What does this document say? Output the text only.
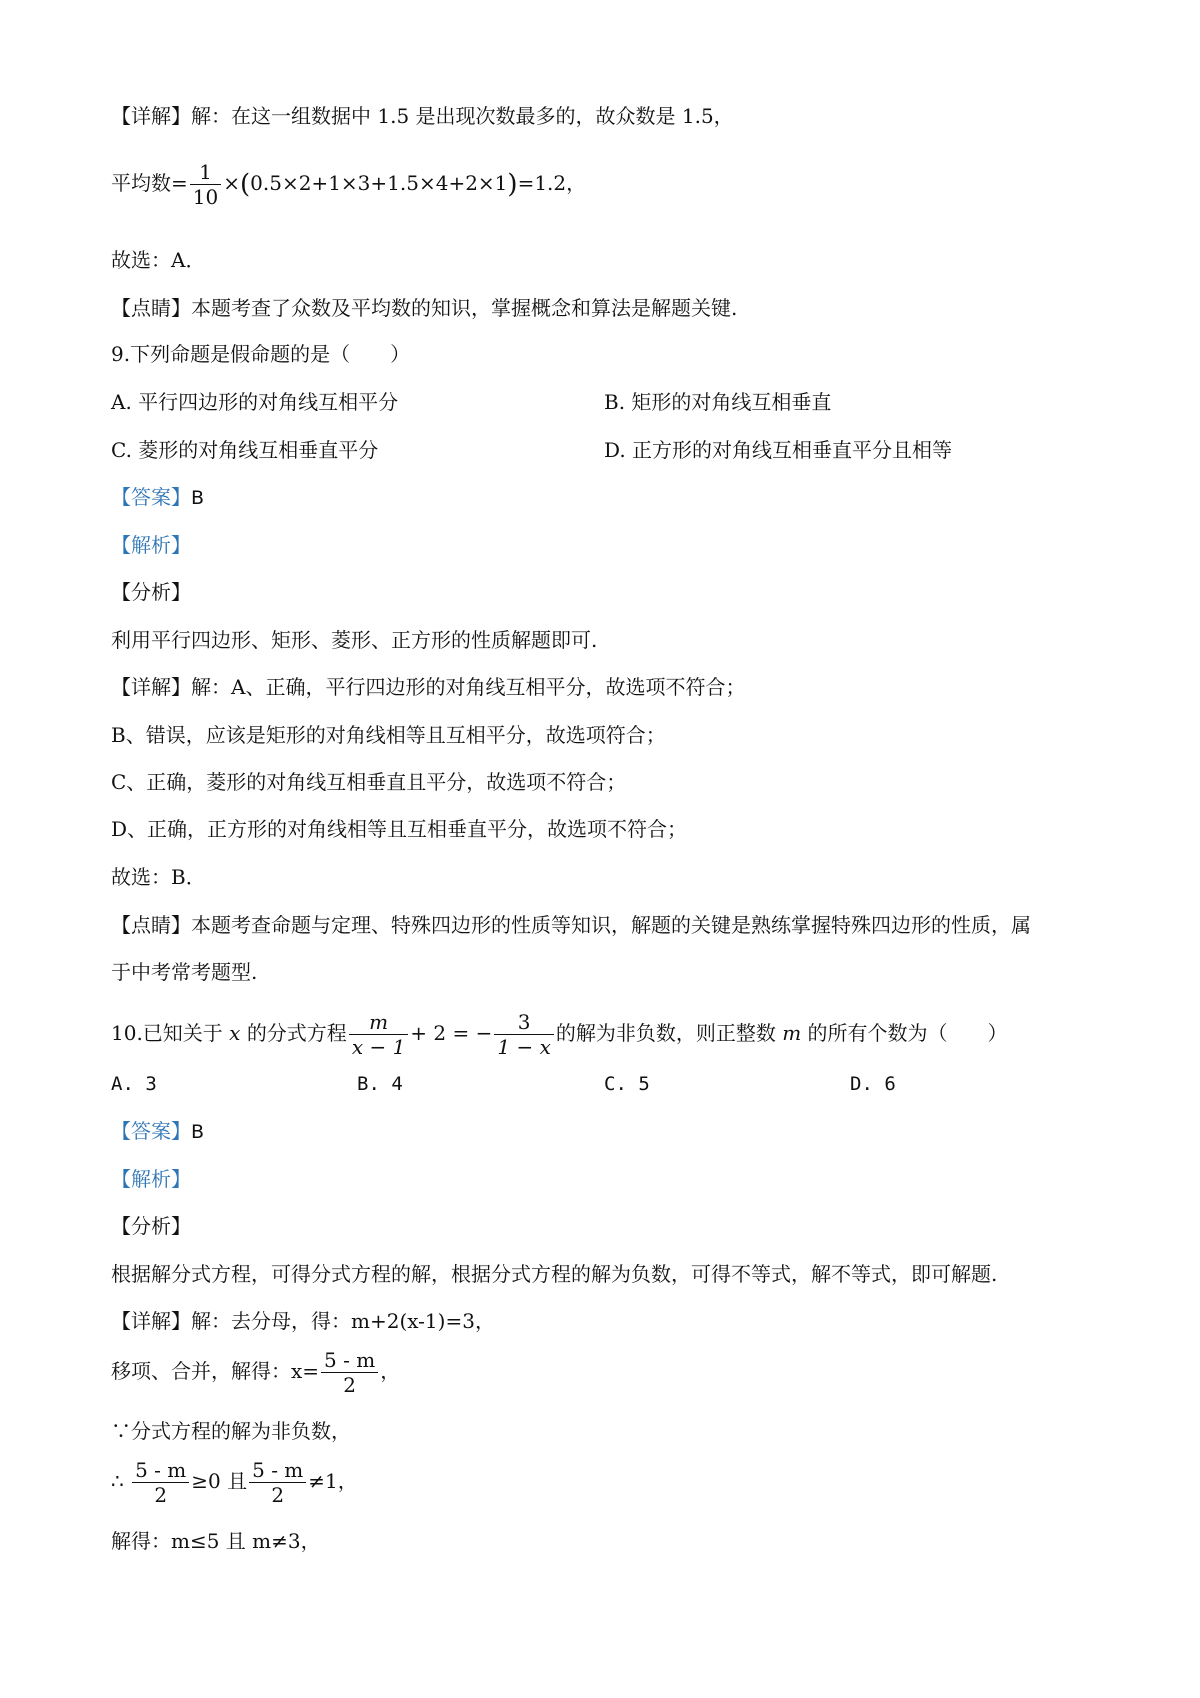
【详解】解：在这一组数据中 1.5 是出现次数最多的，故众数是 1.5，
平均数= $\frac{1}{10} \times(0.5\times 2+1\times 3+1.5\times 4+2\times 1)=1.2$，
故选：A．
【点睛】本题考查了众数及平均数的知识，掌握概念和算法是解题关键.
9.下列命题是假命题的是（　　）
A. 平行四边形的对角线互相平分	B. 矩形的对角线互相垂直
C. 菱形的对角线互相垂直平分	D. 正方形的对角线互相垂直平分且相等
【答案】B
【解析】
【分析】
利用平行四边形、矩形、菱形、正方形的性质解题即可.
【详解】解：A、正确，平行四边形的对角线互相平分，故选项不符合；
B、错误，应该是矩形的对角线相等且互相平分，故选项符合；
C、正确，菱形的对角线互相垂直且平分，故选项不符合；
D、正确，正方形的对角线相等且互相垂直平分，故选项不符合；
故选：B．
【点睛】本题考查命题与定理、特殊四边形的性质等知识，解题的关键是熟练掌握特殊四边形的性质，属
于中考常考题型.
10.已知关于 x 的分式方程 $\frac{m}{x - 1} + 2$ = − $\frac{3}{1 - x}$ 的解为非负数，则正整数 m 的所有个数为（　　）
A. 3	B. 4	C. 5	D. 6
【答案】B
【解析】
【分析】
根据解分式方程，可得分式方程的解，根据分式方程的解为负数，可得不等式，解不等式，即可解题.
【详解】解：去分母，得：m+2(x-1)=3，
移项、合并，解得：$x= \frac{5 - m}{2}$ ，
∵分式方程的解为非负数，
∴ $\frac{5 - m}{2} \ge 0$ 且 $\frac{5 - m}{2} \ne 1$，
解得：m≤5 且 m≠3，
